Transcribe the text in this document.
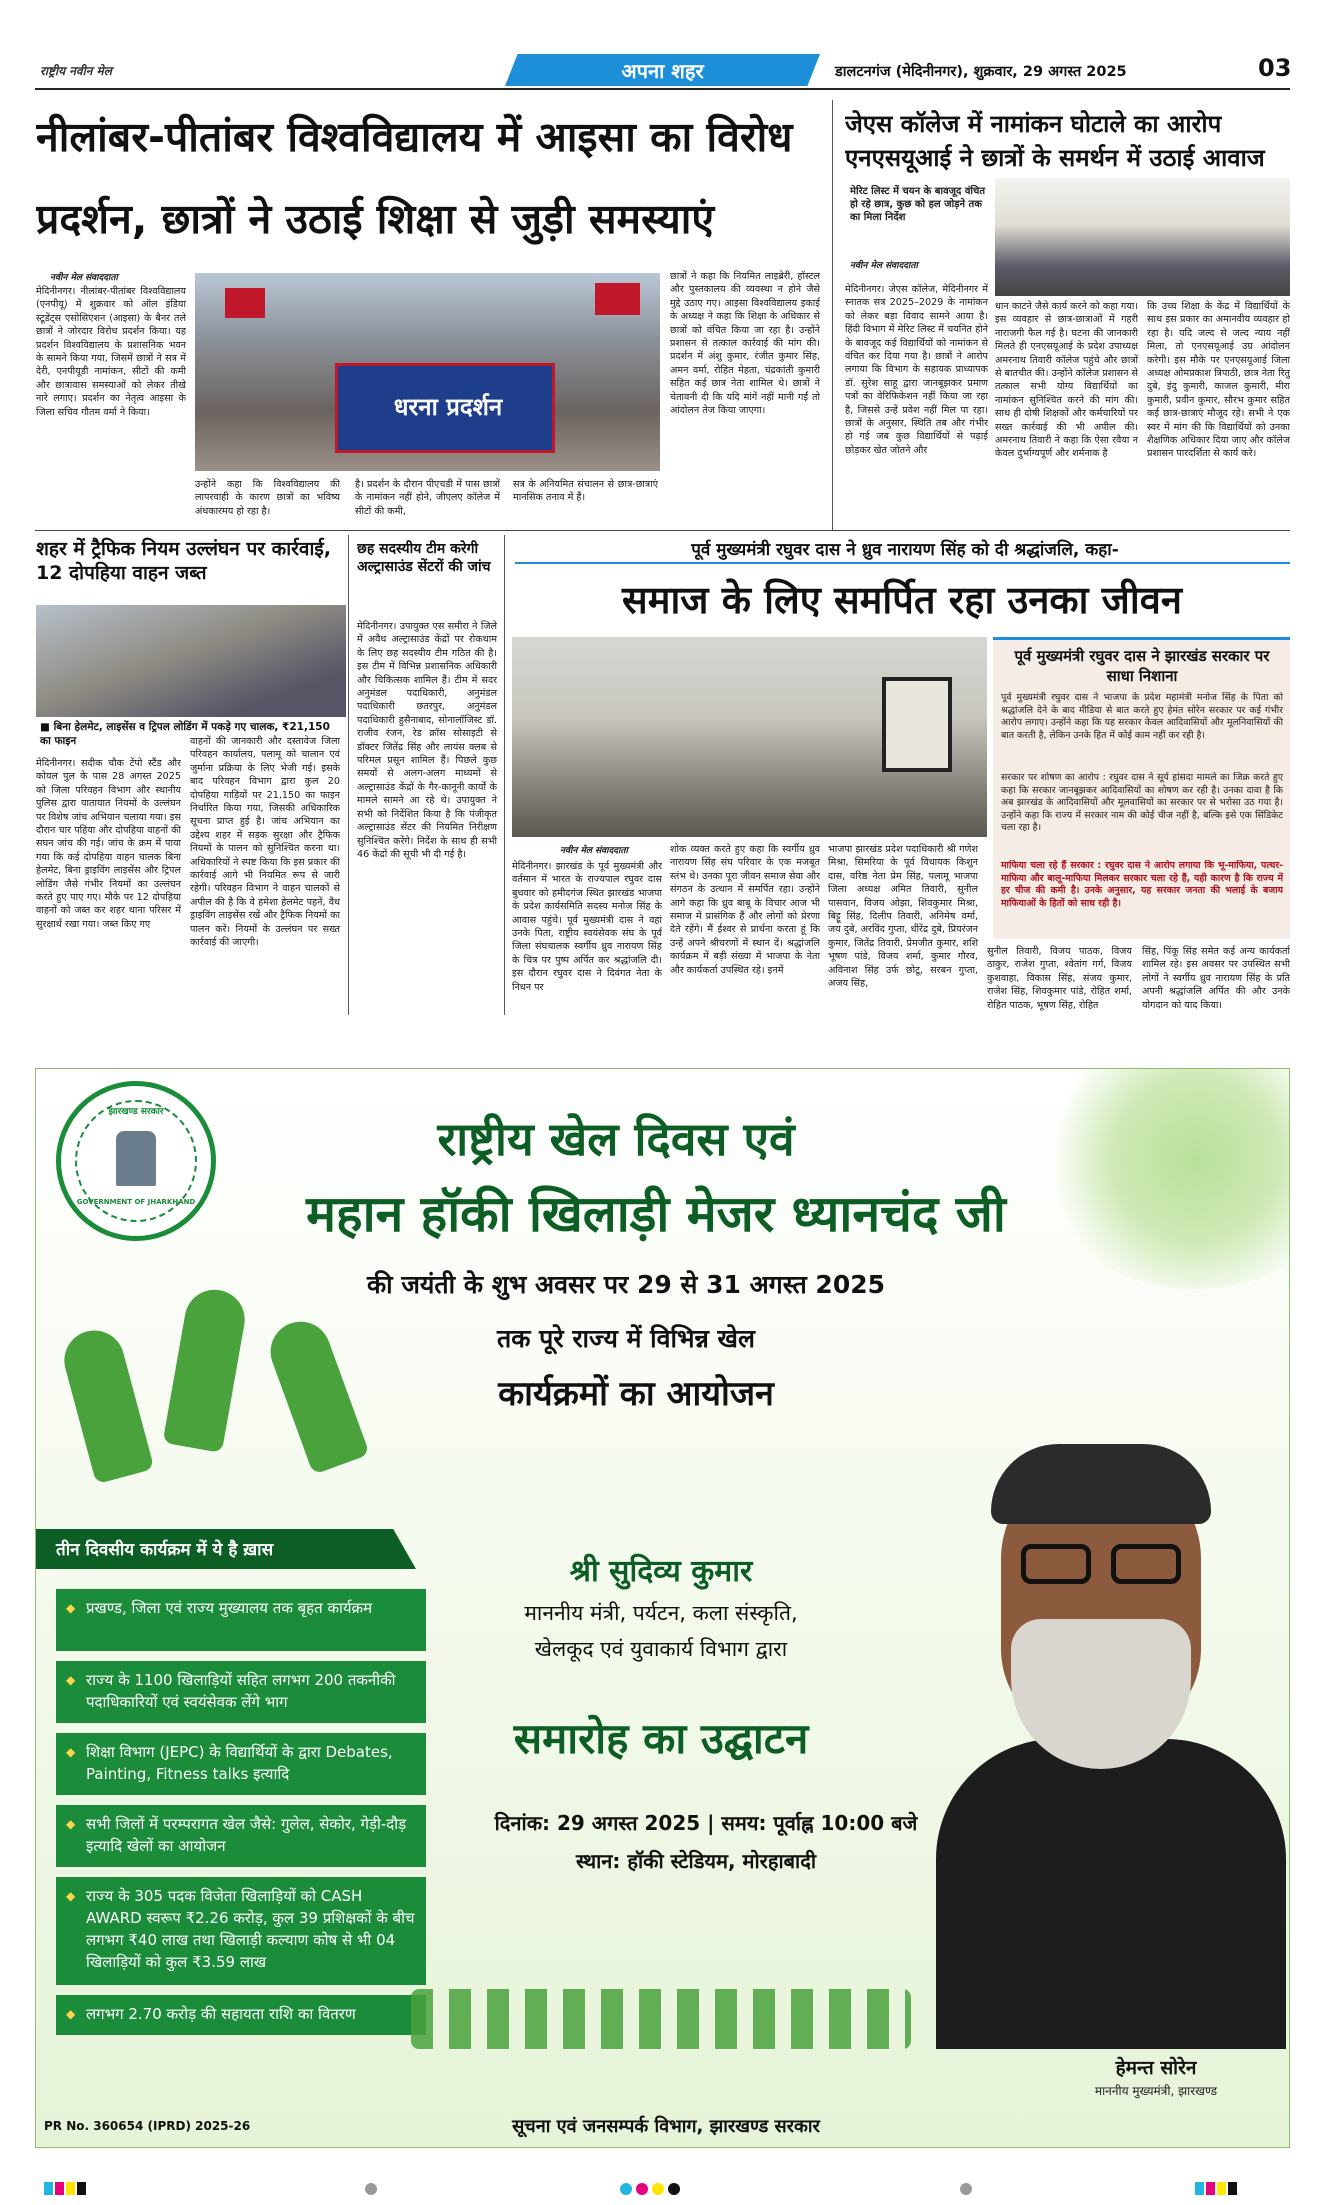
राष्ट्रीय नवीन मेल	अपना शहर	डालटनगंज (मेदिनीनगर), शुक्रवार, 29 अगस्त 2025	03
नीलांबर-पीतांबर विश्वविद्यालय में आइसा का विरोध
प्रदर्शन, छात्रों ने उठाई शिक्षा से जुड़ी समस्याएं
नवीन मेल संवाददाता
मेदिनीनगर। नीलांबर-पीतांबर विश्वविद्यालय (एनपीयू) में शुक्रवार को ऑल इंडिया स्टूडेंट्स एसोसिएशन (आइसा) के बैनर तले छात्रों ने जोरदार विरोध प्रदर्शन किया। यह प्रदर्शन विश्वविद्यालय के प्रशासनिक भवन के सामने किया गया, जिसमें छात्रों ने सत्र में देरी, एनपीयूडी नामांकन, सीटों की कमी और छात्रावास समस्याओं को लेकर तीखे नारे लगाए। प्रदर्शन का नेतृत्व आइसा के जिला सचिव गौतम वर्मा ने किया।	धरना प्रदर्शन
उन्होंने कहा कि विश्वविद्यालय की लापरवाही के कारण छात्रों का भविष्य अंधकारमय हो रहा है।
है। प्रदर्शन के दौरान पीएचडी में पास छात्रों के नामांकन नहीं होने, जीएलए कॉलेज में सीटों की कमी,
सत्र के अनियमित संचालन से छात्र-छात्राएं मानसिक तनाव में हैं।
छात्रों ने कहा कि नियमित लाइब्रेरी, हॉस्टल और पुस्तकालय की व्यवस्था न होने जैसे मुद्दे उठाए गए। आइसा विश्वविद्यालय इकाई के अध्यक्ष ने कहा कि शिक्षा के अधिकार से छात्रों को वंचित किया जा रहा है। उन्होंने प्रशासन से तत्काल कार्रवाई की मांग की। प्रदर्शन में अंशु कुमार, रंजीत कुमार सिंह, अमन वर्मा, रोहित मेहता, चंद्रकांती कुमारी सहित कई छात्र नेता शामिल थे। छात्रों ने चेतावनी दी कि यदि मांगें नहीं मानी गईं तो आंदोलन तेज किया जाएगा।
जेएस कॉलेज में नामांकन घोटाले का आरोप
एनएसयूआई ने छात्रों के समर्थन में उठाई आवाज
मेरिट लिस्ट में चयन के बावजूद वंचित हो रहे छात्र, कुछ को हल जोड़ने तक का मिला निर्देश
नवीन मेल संवाददाता
मेदिनीनगर। जेएस कॉलेज, मेदिनीनगर में स्नातक सत्र 2025–2029 के नामांकन को लेकर बड़ा विवाद सामने आया है। हिंदी विभाग में मेरिट लिस्ट में चयनित होने के बावजूद कई विद्यार्थियों को नामांकन से वंचित कर दिया गया है। छात्रों ने आरोप लगाया कि विभाग के सहायक प्राध्यापक डॉ. सुरेश साहू द्वारा जानबूझकर प्रमाण पत्रों का वेरिफिकेशन नहीं किया जा रहा है, जिससे उन्हें प्रवेश नहीं मिल पा रहा। छात्रों के अनुसार, स्थिति तब और गंभीर हो गई जब कुछ विद्यार्थियों से पढ़ाई छोड़कर खेत जोतने और
धान काटने जैसे कार्य करने को कहा गया। इस व्यवहार से छात्र-छात्राओं में गहरी नाराजगी फैल गई है। घटना की जानकारी मिलते ही एनएसयूआई के प्रदेश उपाध्यक्ष अमरनाथ तिवारी कॉलेज पहुंचे और छात्रों से बातचीत की। उन्होंने कॉलेज प्रशासन से तत्काल सभी योग्य विद्यार्थियों का नामांकन सुनिश्चित करने की मांग की। साथ ही दोषी शिक्षकों और कर्मचारियों पर सख्त कार्रवाई की भी अपील की। अमरनाथ तिवारी ने कहा कि ऐसा रवैया न केवल दुर्भाग्यपूर्ण और शर्मनाक है
कि उच्च शिक्षा के केंद्र में विद्यार्थियों के साथ इस प्रकार का अमानवीय व्यवहार हो रहा है। यदि जल्द से जल्द न्याय नहीं मिला, तो एनएसयूआई उग्र आंदोलन करेगी। इस मौके पर एनएसयूआई जिला अध्यक्ष ओमप्रकाश त्रिपाठी, छात्र नेता रितु दुबे, इंदु कुमारी, काजल कुमारी, मीरा कुमारी, प्रवीन कुमार, सौरभ कुमार सहित कई छात्र-छात्राएं मौजूद रहे। सभी ने एक स्वर में मांग की कि विद्यार्थियों को उनका शैक्षणिक अधिकार दिया जाए और कॉलेज प्रशासन पारदर्शिता से कार्य करे।
शहर में ट्रैफिक नियम उल्लंघन पर कार्रवाई, 12 दोपहिया वाहन जब्त
■ बिना हेलमेट, लाइसेंस व ट्रिपल लोडिंग में पकड़े गए चालक, ₹21,150 का फाइन
मेदिनीनगर। सदीक चौक टेंपो स्टैंड और कोयल पुल के पास 28 अगस्त 2025 को जिला परिवहन विभाग और स्थानीय पुलिस द्वारा यातायात नियमों के उल्लंघन पर विशेष जांच अभियान चलाया गया। इस दौरान चार पहिया और दोपहिया वाहनों की सघन जांच की गई। जांच के क्रम में पाया गया कि कई दोपहिया वाहन चालक बिना हेलमेट, बिना ड्राइविंग लाइसेंस और ट्रिपल लोडिंग जैसे गंभीर नियमों का उल्लंघन करते हुए पाए गए। मौके पर 12 दोपहिया वाहनों को जब्त कर शहर थाना परिसर में सुरक्षार्थ रखा गया। जब्त किए गए
वाहनों की जानकारी और दस्तावेज जिला परिवहन कार्यालय, पलामू को चालान एवं जुर्माना प्रक्रिया के लिए भेजी गई। इसके बाद परिवहन विभाग द्वारा कुल 20 दोपहिया गाड़ियों पर 21,150 का फाइन निर्धारित किया गया, जिसकी अधिकारिक सूचना प्राप्त हुई है। जांच अभियान का उद्देश्य शहर में सड़क सुरक्षा और ट्रैफिक नियमों के पालन को सुनिश्चित करना था। अधिकारियों ने स्पष्ट किया कि इस प्रकार की कार्रवाई आगे भी नियमित रूप से जारी रहेगी। परिवहन विभाग ने वाहन चालकों से अपील की है कि वे हमेशा हेलमेट पहनें, वैध ड्राइविंग लाइसेंस रखें और ट्रैफिक नियमों का पालन करें। नियमों के उल्लंघन पर सख्त कार्रवाई की जाएगी।
छह सदस्यीय टीम करेगी अल्ट्रासाउंड सेंटरों की जांच
मेदिनीनगर। उपायुक्त एस समीरा ने जिले में अवैध अल्ट्रासाउंड केंद्रों पर रोकथाम के लिए छह सदस्यीय टीम गठित की है। इस टीम में विभिन्न प्रशासनिक अधिकारी और चिकित्सक शामिल हैं। टीम में सदर अनुमंडल पदाधिकारी, अनुमंडल पदाधिकारी छतरपुर, अनुमंडल पदाधिकारी हुसैनाबाद, सोनालॉजिस्ट डॉ. राजीव रंजन, रेड क्रॉस सोसाइटी से डॉक्टर जितेंद्र सिंह और लायंस क्लब से परिमल प्रसून शामिल हैं। पिछले कुछ समयों से अलग-अलग माध्यमों से अल्ट्रासाउंड केंद्रों के गैर-कानूनी कार्यों के मामले सामने आ रहे थे। उपायुक्त ने सभी को निर्देशित किया है कि पंजीकृत अल्ट्रासाउंड सेंटर की नियमित निरीक्षण सुनिश्चित करेंगे। निर्देश के साथ ही सभी 46 केंद्रों की सूची भी दी गई है।
पूर्व मुख्यमंत्री रघुवर दास ने ध्रुव नारायण सिंह को दी श्रद्धांजलि, कहा-
समाज के लिए समर्पित रहा उनका जीवन
नवीन मेल संवाददाता
मेदिनीनगर। झारखंड के पूर्व मुख्यमंत्री और वर्तमान में भारत के राज्यपाल रघुवर दास बुधवार को हमीदगंज स्थित झारखंड भाजपा के प्रदेश कार्यसमिति सदस्य मनोज सिंह के आवास पहुंचे। पूर्व मुख्यमंत्री दास ने वहां उनके पिता, राष्ट्रीय स्वयंसेवक संघ के पूर्व जिला संघचालक स्वर्गीय ध्रुव नारायण सिंह के चित्र पर पुष्प अर्पित कर श्रद्धांजलि दी। इस दौरान रघुवर दास ने दिवंगत नेता के निधन पर
शोक व्यक्त करते हुए कहा कि स्वर्गीय ध्रुव नारायण सिंह संघ परिवार के एक मजबूत स्तंभ थे। उनका पूरा जीवन समाज सेवा और संगठन के उत्थान में समर्पित रहा। उन्होंने आगे कहा कि ध्रुव बाबू के विचार आज भी समाज में प्रासंगिक हैं और लोगों को प्रेरणा देते रहेंगे। मैं ईश्वर से प्रार्थना करता हूं कि उन्हें अपने श्रीचरणों में स्थान दें। श्रद्धांजलि कार्यक्रम में बड़ी संख्या में भाजपा के नेता और कार्यकर्ता उपस्थित रहे। इनमें
भाजपा झारखंड प्रदेश पदाधिकारी श्री गणेश मिश्रा, सिमरिया के पूर्व विधायक किशुन दास, वरिष्ठ नेता प्रेम सिंह, पलामू भाजपा जिला अध्यक्ष अमित तिवारी, सुनील पासवान, विजय ओझा, शिवकुमार मिश्रा, बिट्टू सिंह, दिलीप तिवारी, अनिमेष वर्मा, जय दुबे, अरविंद गुप्ता, धीरेंद्र दुबे, प्रियरंजन कुमार, जितेंद्र तिवारी, प्रेमजीत कुमार, शशि भूषण पांडे, विजय शर्मा, कुमार गौरव, अविनाश सिंह उर्फ छोटू, सरबन गुप्ता, अजय सिंह,
सुनील तिवारी, विजय पाठक, विजय ठाकुर, राजेश गुप्ता, श्वेतांग गर्ग, विजय कुशवाहा, विकास सिंह, संजय कुमार, राजेश सिंह, शिवकुमार पांडे, रोहित शर्मा, रोहित पाठक, भूषण सिंह, रोहित
सिंह, पिंकू सिंह समेत कई अन्य कार्यकर्ता शामिल रहे। इस अवसर पर उपस्थित सभी लोगों ने स्वर्गीय ध्रुव नारायण सिंह के प्रति अपनी श्रद्धांजलि अर्पित की और उनके योगदान को याद किया।
पूर्व मुख्यमंत्री रघुवर दास ने झारखंड सरकार पर साधा निशाना
पूर्व मुख्यमंत्री रघुवर दास ने भाजपा के प्रदेश महामंत्री मनोज सिंह के पिता को श्रद्धांजलि देने के बाद मीडिया से बात करते हुए हेमंत सोरेन सरकार पर कई गंभीर आरोप लगाए। उन्होंने कहा कि यह सरकार केवल आदिवासियों और मूलनिवासियों की बात करती है, लेकिन उनके हित में कोई काम नहीं कर रही है।
सरकार पर शोषण का आरोप : रघुवर दास ने सूर्य हांसदा मामले का जिक्र करते हुए कहा कि सरकार जानबूझकर आदिवासियों का शोषण कर रही है। उनका दावा है कि अब झारखंड के आदिवासियों और मूलवासियों का सरकार पर से भरोसा उठ गया है। उन्होंने कहा कि राज्य में सरकार नाम की कोई चीज नहीं है, बल्कि इसे एक सिंडिकेट चला रहा है।
माफिया चला रहे हैं सरकार : रघुवर दास ने आरोप लगाया कि भू-माफिया, पत्थर-माफिया और बालू-माफिया मिलकर सरकार चला रहे हैं, यही कारण है कि राज्य में हर चीज की कमी है। उनके अनुसार, यह सरकार जनता की भलाई के बजाय माफियाओं के हितों को साध रही है।
झारखण्ड सरकार
GOVERNMENT OF JHARKHAND
राष्ट्रीय खेल दिवस एवं
महान हॉकी खिलाड़ी मेजर ध्यानचंद जी
की जयंती के शुभ अवसर पर 29 से 31 अगस्त 2025
तक पूरे राज्य में विभिन्न खेल
कार्यक्रमों का आयोजन
तीन दिवसीय कार्यक्रम में ये है ख़ास
◆ प्रखण्ड, जिला एवं राज्य मुख्यालय तक बृहत कार्यक्रम
◆ राज्य के 1100 खिलाड़ियों सहित लगभग 200 तकनीकी पदाधिकारियों एवं स्वयंसेवक लेंगे भाग
◆ शिक्षा विभाग (JEPC) के विद्यार्थियों के द्वारा Debates, Painting, Fitness talks इत्यादि
◆ सभी जिलों में परम्परागत खेल जैसे: गुलेल, सेकोर, गेड़ी-दौड़ इत्यादि खेलों का आयोजन
◆ राज्य के 305 पदक विजेता खिलाड़ियों को CASH AWARD स्वरूप ₹2.26 करोड़, कुल 39 प्रशिक्षकों के बीच लगभग ₹40 लाख तथा खिलाड़ी कल्याण कोष से भी 04 खिलाड़ियों को कुल ₹3.59 लाख
◆ लगभग 2.70 करोड़ की सहायता राशि का वितरण
श्री सुदिव्य कुमार
माननीय मंत्री, पर्यटन, कला संस्कृति,
खेलकूद एवं युवाकार्य विभाग द्वारा
समारोह का उद्घाटन
दिनांक: 29 अगस्त 2025 | समय: पूर्वाह्न 10:00 बजे
स्थान: हॉकी स्टेडियम, मोरहाबादी
हेमन्त सोरेन
माननीय मुख्यमंत्री, झारखण्ड
PR No. 360654 (IPRD) 2025-26	सूचना एवं जनसम्पर्क विभाग, झारखण्ड सरकार
